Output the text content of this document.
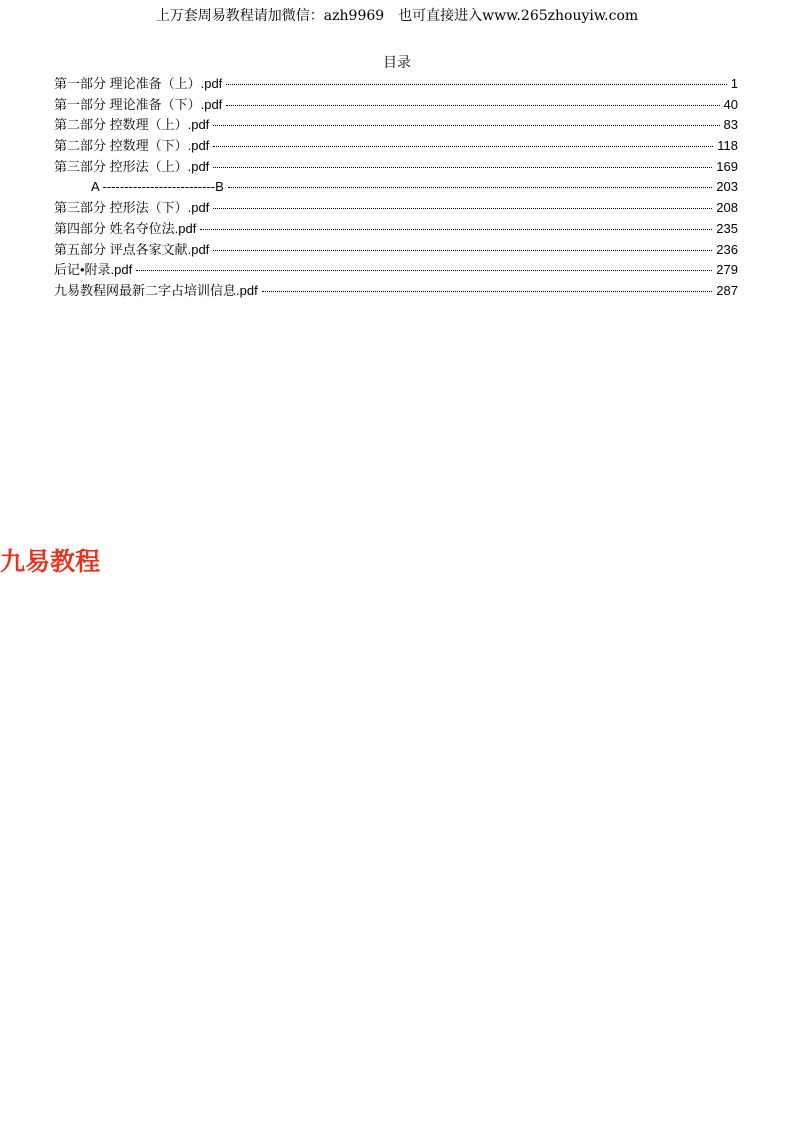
上万套周易教程请加微信：azh9969　也可直接进入www.265zhouyiw.com
目录
第一部分 理论准备（上）.pdf	1
第一部分 理论准备（下）.pdf	40
第二部分 控数理（上）.pdf	83
第二部分 控数理（下）.pdf	118
第三部分 控形法（上）.pdf	169
A --------------------------B	203
第三部分 控形法（下）.pdf	208
第四部分 姓名夺位法.pdf	235
第五部分 评点各家文献.pdf	236
后记•附录.pdf	279
九易教程网最新二字占培训信息.pdf	287
九易教程
